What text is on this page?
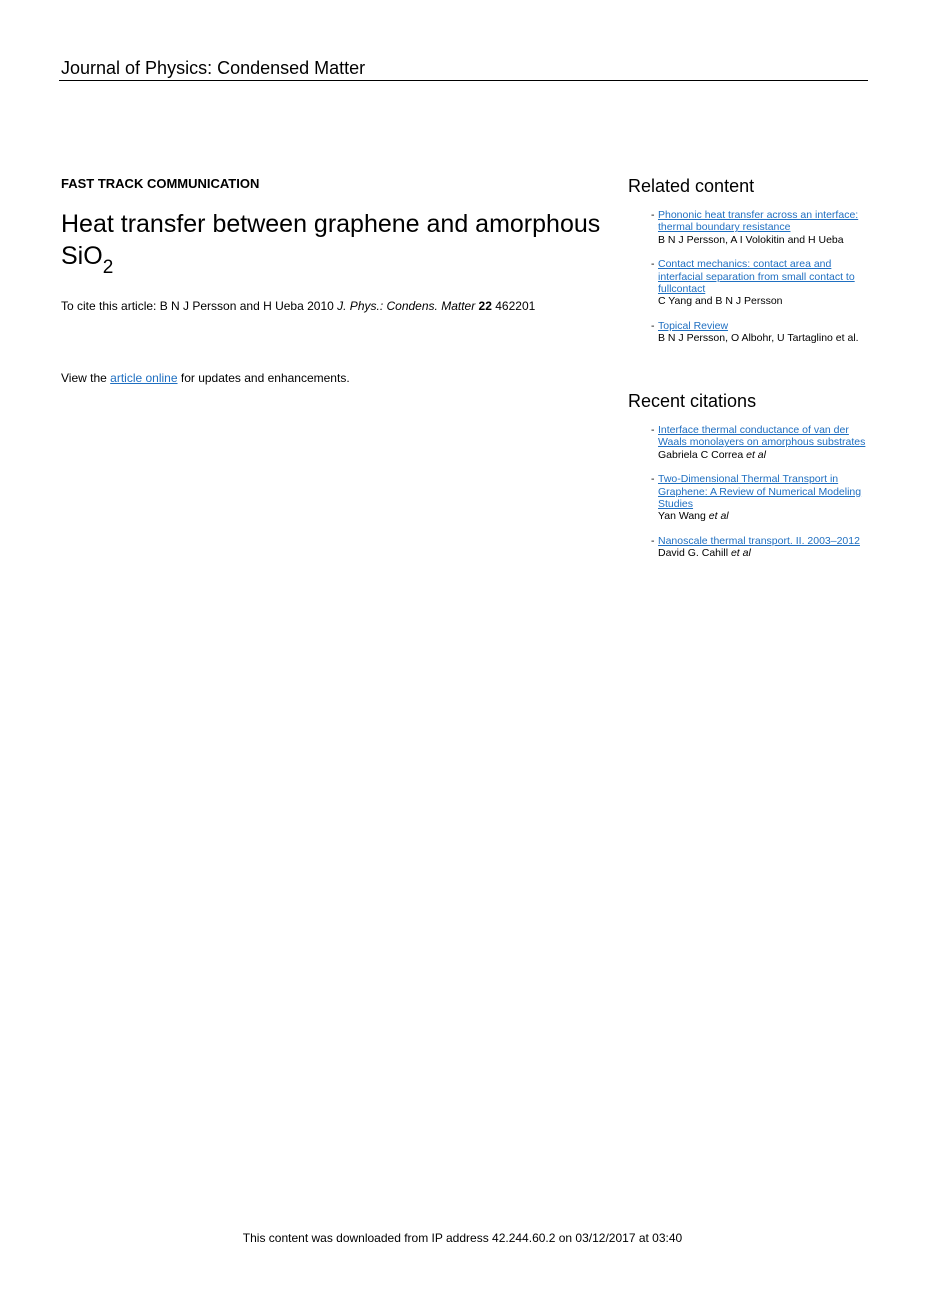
Journal of Physics: Condensed Matter
FAST TRACK COMMUNICATION
Heat transfer between graphene and amorphous SiO$_2$
To cite this article: B N J Persson and H Ueba 2010 J. Phys.: Condens. Matter 22 462201
View the article online for updates and enhancements.
Related content
- Phononic heat transfer across an interface: thermal boundary resistance
B N J Persson, A I Volokitin and H Ueba
- Contact mechanics: contact area and interfacial separation from small contact to fullcontact
C Yang and B N J Persson
- Topical Review
B N J Persson, O Albohr, U Tartaglino et al.
Recent citations
- Interface thermal conductance of van der Waals monolayers on amorphous substrates
Gabriela C Correa et al
- Two-Dimensional Thermal Transport in Graphene: A Review of Numerical Modeling Studies
Yan Wang et al
- Nanoscale thermal transport. II. 2003–2012
David G. Cahill et al
This content was downloaded from IP address 42.244.60.2 on 03/12/2017 at 03:40
